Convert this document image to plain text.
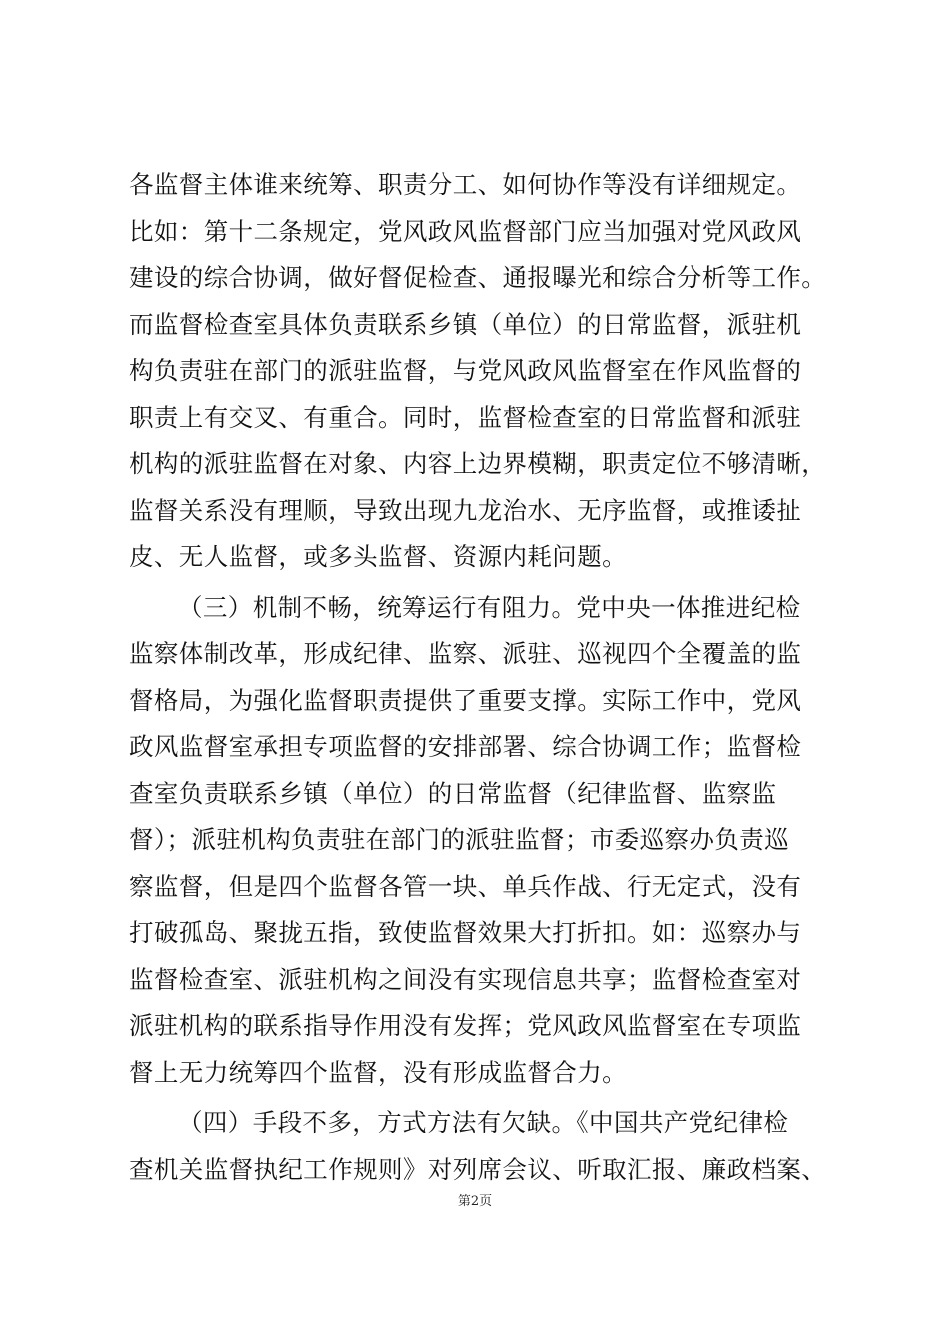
各监督主体谁来统筹、职责分工、如何协作等没有详细规定。
比如：第十二条规定，党风政风监督部门应当加强对党风政风
建设的综合协调，做好督促检查、通报曝光和综合分析等工作。
而监督检查室具体负责联系乡镇（单位）的日常监督，派驻机
构负责驻在部门的派驻监督，与党风政风监督室在作风监督的
职责上有交叉、有重合。同时，监督检查室的日常监督和派驻
机构的派驻监督在对象、内容上边界模糊，职责定位不够清晰，
监督关系没有理顺，导致出现九龙治水、无序监督，或推诿扯
皮、无人监督，或多头监督、资源内耗问题。
（三）机制不畅，统筹运行有阻力。党中央一体推进纪检
监察体制改革，形成纪律、监察、派驻、巡视四个全覆盖的监
督格局，为强化监督职责提供了重要支撑。实际工作中，党风
政风监督室承担专项监督的安排部署、综合协调工作；监督检
查室负责联系乡镇（单位）的日常监督（纪律监督、监察监
督）；派驻机构负责驻在部门的派驻监督；市委巡察办负责巡
察监督，但是四个监督各管一块、单兵作战、行无定式，没有
打破孤岛、聚拢五指，致使监督效果大打折扣。如：巡察办与
监督检查室、派驻机构之间没有实现信息共享；监督检查室对
派驻机构的联系指导作用没有发挥；党风政风监督室在专项监
督上无力统筹四个监督，没有形成监督合力。
（四）手段不多，方式方法有欠缺。《中国共产党纪律检
查机关监督执纪工作规则》对列席会议、听取汇报、廉政档案、
第2页
